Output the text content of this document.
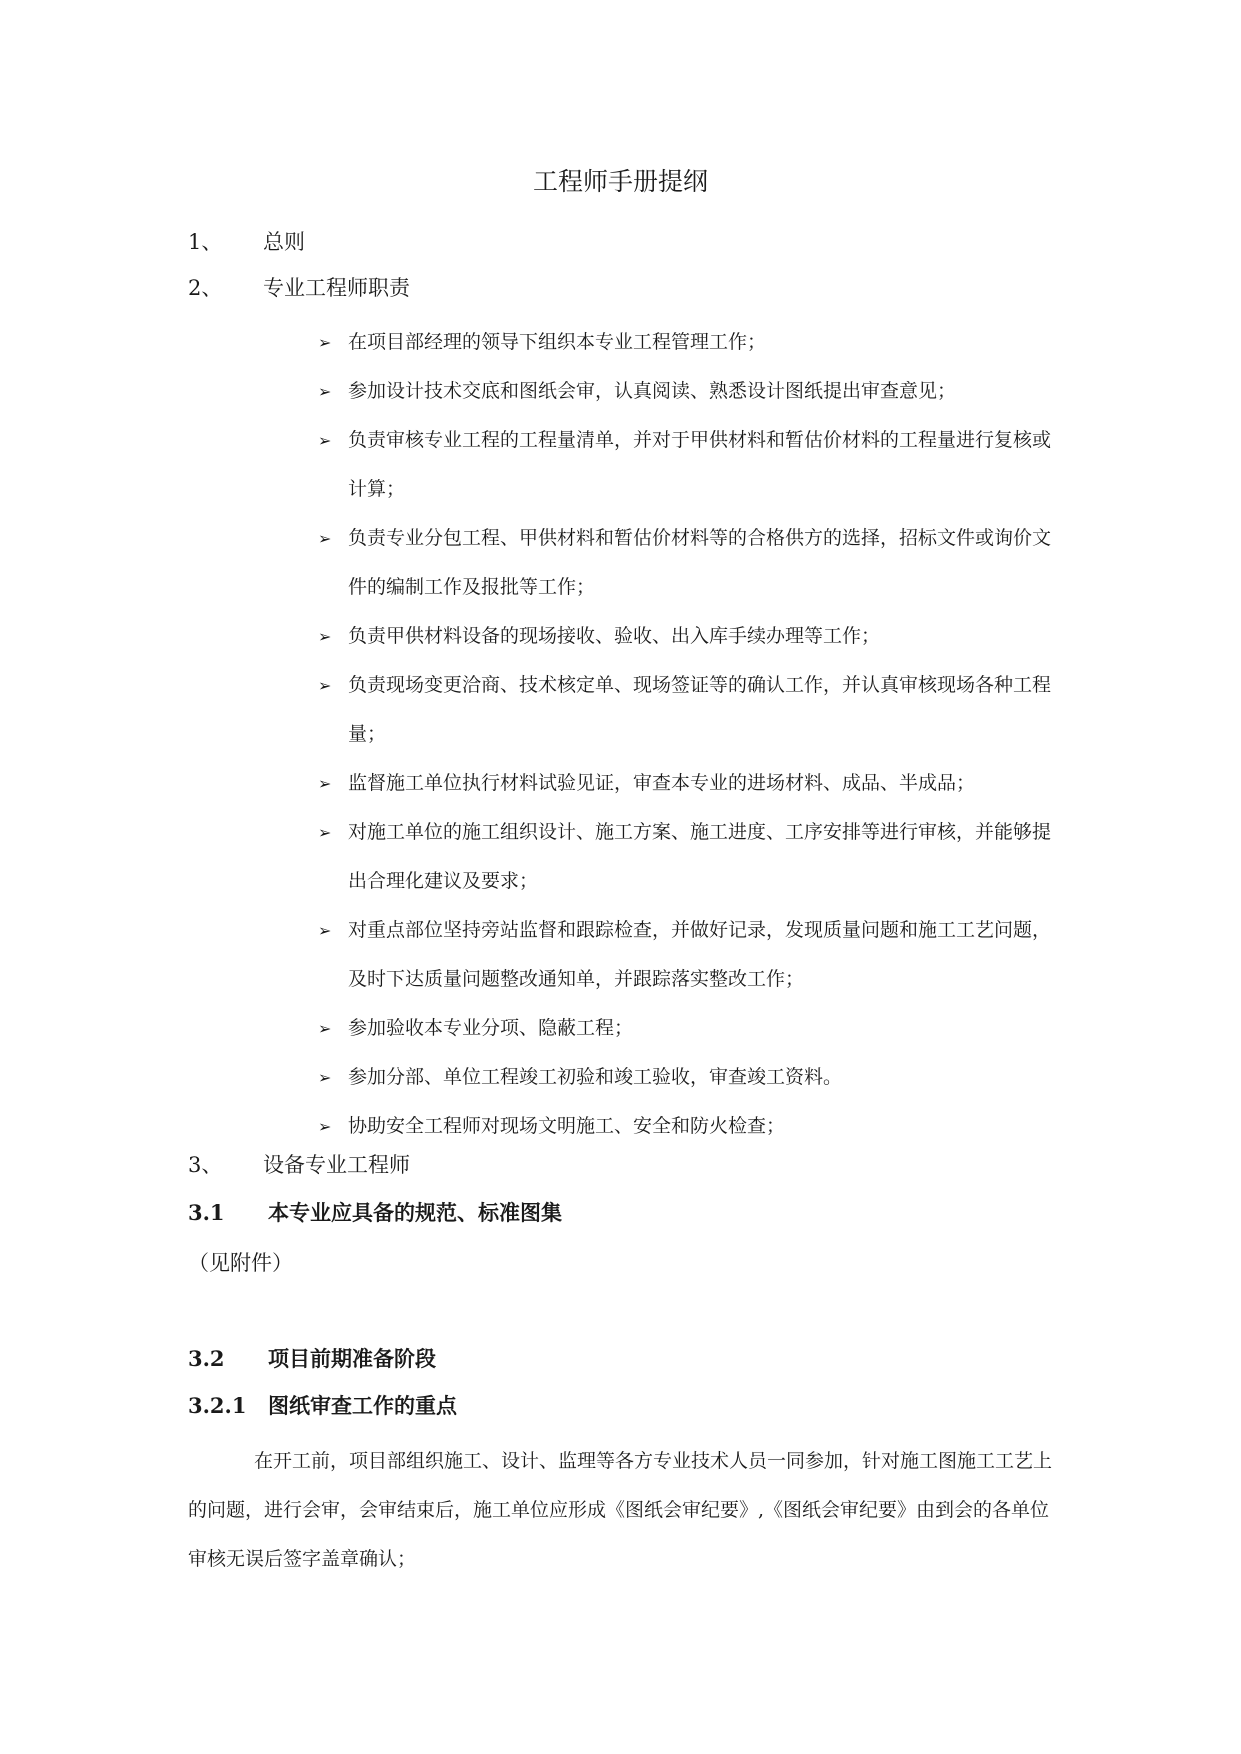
工程师手册提纲
1、 总则
2、 专业工程师职责
➢ 在项目部经理的领导下组织本专业工程管理工作；
➢ 参加设计技术交底和图纸会审，认真阅读、熟悉设计图纸提出审查意见；
➢ 负责审核专业工程的工程量清单，并对于甲供材料和暂估价材料的工程量进行复核或计算；
➢ 负责专业分包工程、甲供材料和暂估价材料等的合格供方的选择，招标文件或询价文件的编制工作及报批等工作；
➢ 负责甲供材料设备的现场接收、验收、出入库手续办理等工作；
➢ 负责现场变更洽商、技术核定单、现场签证等的确认工作，并认真审核现场各种工程量；
➢ 监督施工单位执行材料试验见证，审查本专业的进场材料、成品、半成品；
➢ 对施工单位的施工组织设计、施工方案、施工进度、工序安排等进行审核，并能够提出合理化建议及要求；
➢ 对重点部位坚持旁站监督和跟踪检查，并做好记录，发现质量问题和施工工艺问题，及时下达质量问题整改通知单，并跟踪落实整改工作；
➢ 参加验收本专业分项、隐蔽工程；
➢ 参加分部、单位工程竣工初验和竣工验收，审查竣工资料。
➢ 协助安全工程师对现场文明施工、安全和防火检查；
3、 设备专业工程师
3.1 本专业应具备的规范、标准图集
（见附件）
3.2 项目前期准备阶段
3.2.1 图纸审查工作的重点
在开工前，项目部组织施工、设计、监理等各方专业技术人员一同参加，针对施工图施工工艺上的问题，进行会审，会审结束后，施工单位应形成《图纸会审纪要》,《图纸会审纪要》由到会的各单位审核无误后签字盖章确认；
